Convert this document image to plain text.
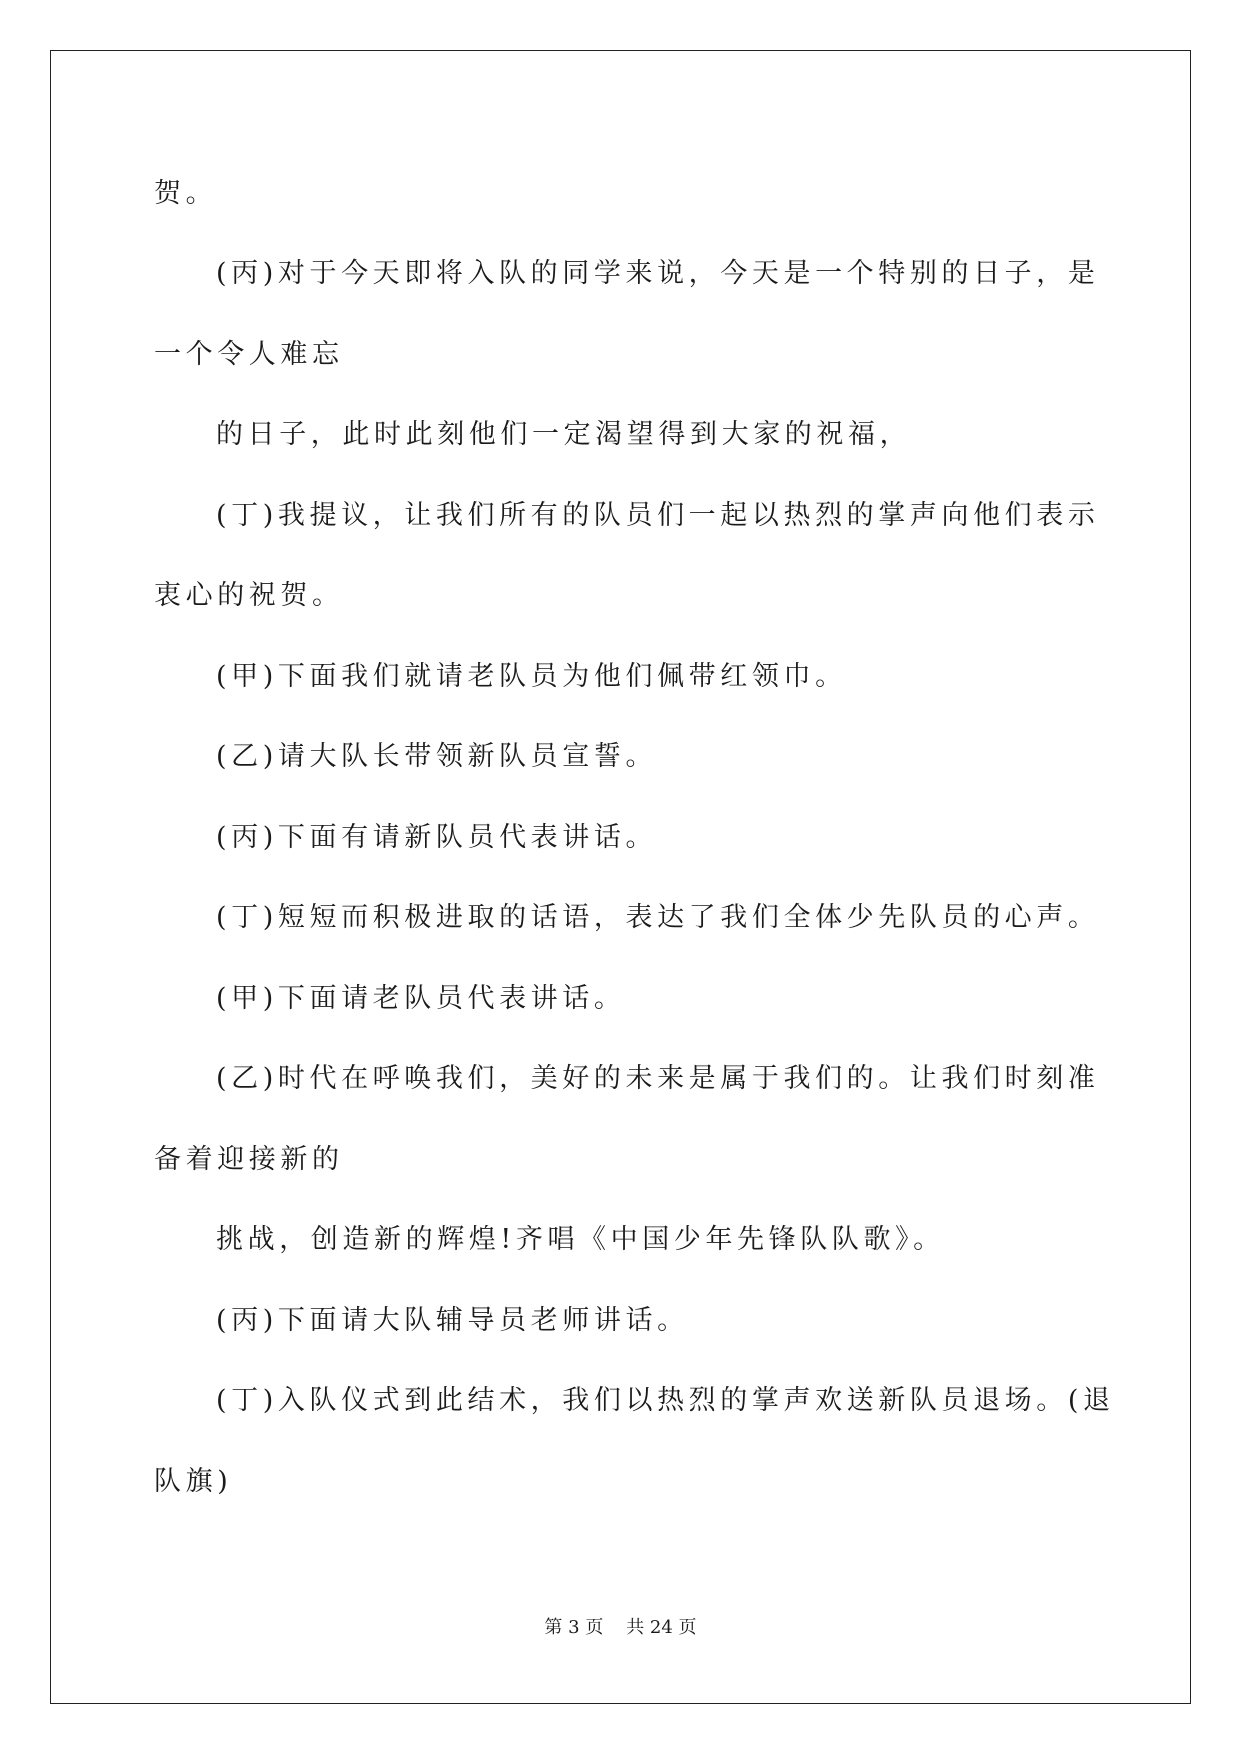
贺。
(丙)对于今天即将入队的同学来说，今天是一个特别的日子，是
一个令人难忘
的日子，此时此刻他们一定渴望得到大家的祝福，
(丁)我提议，让我们所有的队员们一起以热烈的掌声向他们表示
衷心的祝贺。
(甲)下面我们就请老队员为他们佩带红领巾。
(乙)请大队长带领新队员宣誓。
(丙)下面有请新队员代表讲话。
(丁)短短而积极进取的话语，表达了我们全体少先队员的心声。
(甲)下面请老队员代表讲话。
(乙)时代在呼唤我们，美好的未来是属于我们的。让我们时刻准
备着迎接新的
挑战，创造新的辉煌!齐唱《中国少年先锋队队歌》。
(丙)下面请大队辅导员老师讲话。
(丁)入队仪式到此结术，我们以热烈的掌声欢送新队员退场。(退
队旗)
第 3 页    共 24 页
